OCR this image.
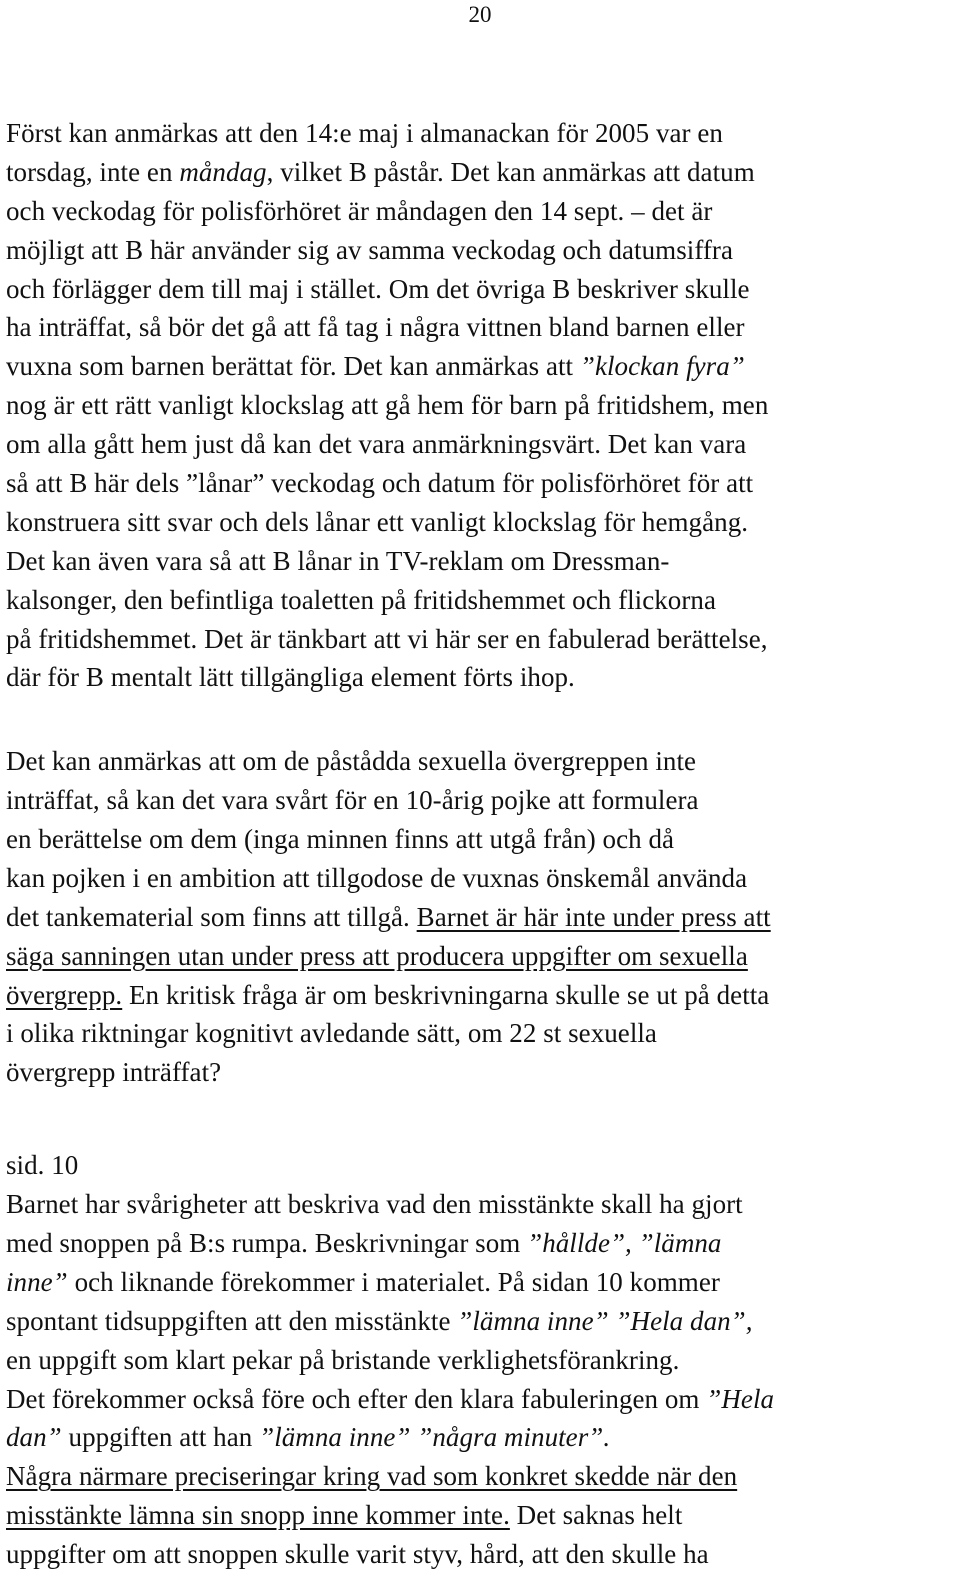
20
Först kan anmärkas att den 14:e maj i almanackan för 2005 var en
torsdag, inte en måndag, vilket B påstår. Det kan anmärkas att datum
och veckodag för polisförhöret är måndagen den 14 sept. – det är
möjligt att B här använder sig av samma veckodag och datumsiffra
och förlägger dem till maj i stället. Om det övriga B beskriver skulle
ha inträffat, så bör det gå att få tag i några vittnen bland barnen eller
vuxna som barnen berättat för. Det kan anmärkas att ”klockan fyra”
nog är ett rätt vanligt klockslag att gå hem för barn på fritidshem, men
om alla gått hem just då kan det vara anmärkningsvärt. Det kan vara
så att B här dels ”lånar” veckodag och datum för polisförhöret för att
konstruera sitt svar och dels lånar ett vanligt klockslag för hemgång.
Det kan även vara så att B lånar in TV-reklam om Dressman-
kalsonger, den befintliga toaletten på fritidshemmet och flickorna
på fritidshemmet. Det är tänkbart att vi här ser en fabulerad berättelse,
där för B mentalt lätt tillgängliga element förts ihop.
Det kan anmärkas att om de påstådda sexuella övergreppen inte
inträffat, så kan det vara svårt för en 10-årig pojke att formulera
en berättelse om dem (inga minnen finns att utgå från) och då
kan pojken i en ambition att tillgodose de vuxnas önskemål använda
det tankematerial som finns att tillgå. Barnet är här inte under press att
säga sanningen utan under press att producera uppgifter om sexuella
övergrepp. En kritisk fråga är om beskrivningarna skulle se ut på detta
i olika riktningar kognitivt avledande sätt, om 22 st sexuella
övergrepp inträffat?
sid. 10
Barnet har svårigheter att beskriva vad den misstänkte skall ha gjort
med snoppen på B:s rumpa. Beskrivningar som ”hållde”, ”lämna
inne” och liknande förekommer i materialet. På sidan 10 kommer
spontant tidsuppgiften att den misstänkte ”lämna inne” ”Hela dan”,
en uppgift som klart pekar på bristande verklighetsförankring.
Det förekommer också före och efter den klara fabuleringen om ”Hela
dan” uppgiften att han ”lämna inne” ”några minuter”.
Några närmare preciseringar kring vad som konkret skedde när den
misstänkte lämna sin snopp inne kommer inte. Det saknas helt
uppgifter om att snoppen skulle varit styv, hård, att den skulle ha
